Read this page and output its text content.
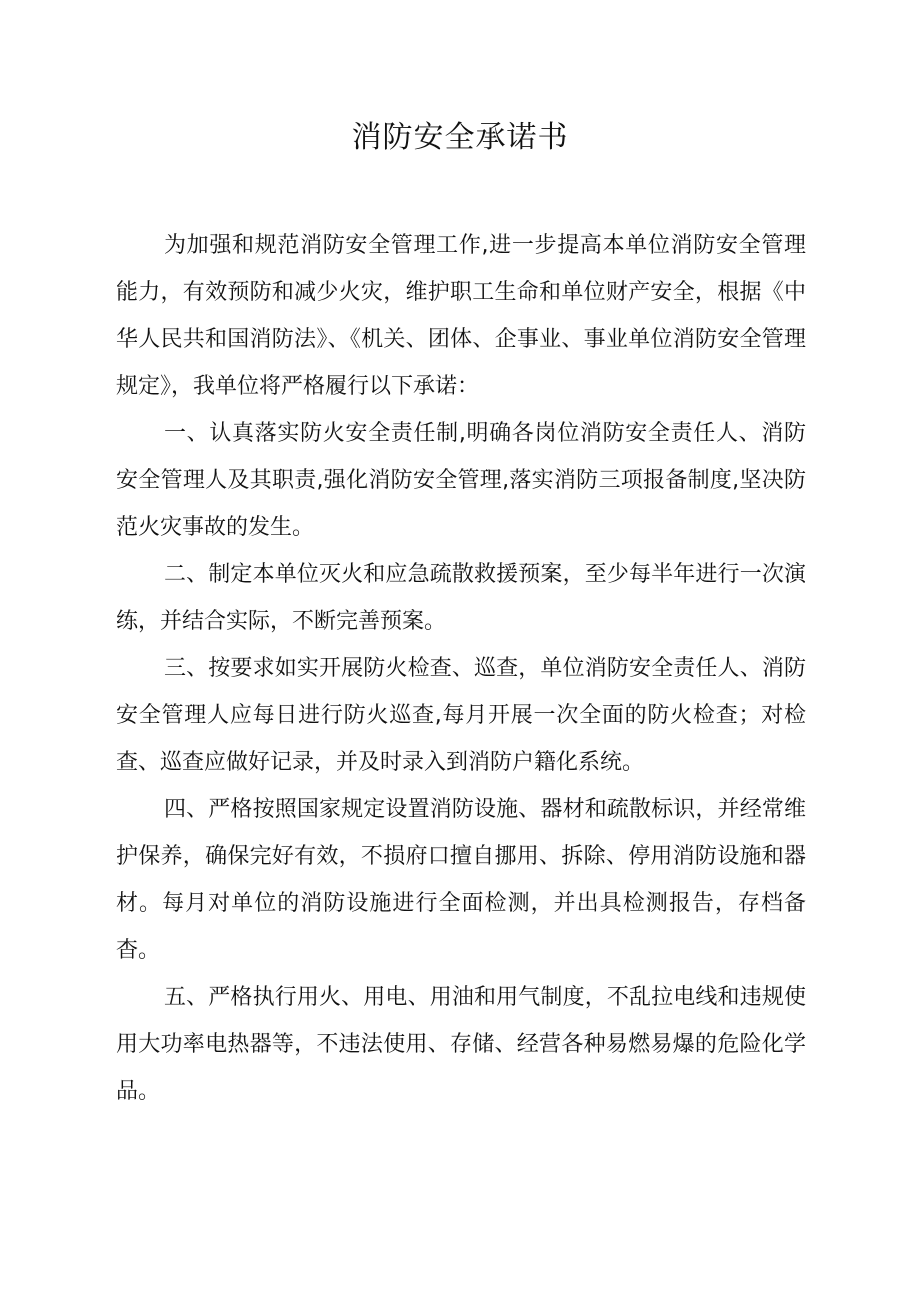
消防安全承诺书

为加强和规范消防安全管理工作,进一步提高本单位消防安全管理能力，有效预防和减少火灾，维护职工生命和单位财产安全，根据《中华人民共和国消防法》、《机关、团体、企事业、事业单位消防安全管理规定》，我单位将严格履行以下承诺：

一、认真落实防火安全责任制,明确各岗位消防安全责任人、消防安全管理人及其职责,强化消防安全管理,落实消防三项报备制度,坚决防范火灾事故的发生。

二、制定本单位灭火和应急疏散救援预案，至少每半年进行一次演练，并结合实际，不断完善预案。

三、按要求如实开展防火检查、巡查，单位消防安全责任人、消防安全管理人应每日进行防火巡查,每月开展一次全面的防火检查；对检查、巡查应做好记录，并及时录入到消防户籍化系统。

四、严格按照国家规定设置消防设施、器材和疏散标识，并经常维护保养，确保完好有效，不损府口擅自挪用、拆除、停用消防设施和器材。每月对单位的消防设施进行全面检测，并出具检测报告，存档备杳。

五、严格执行用火、用电、用油和用气制度，不乱拉电线和违规使用大功率电热器等，不违法使用、存储、经营各种易燃易爆的危险化学品。
